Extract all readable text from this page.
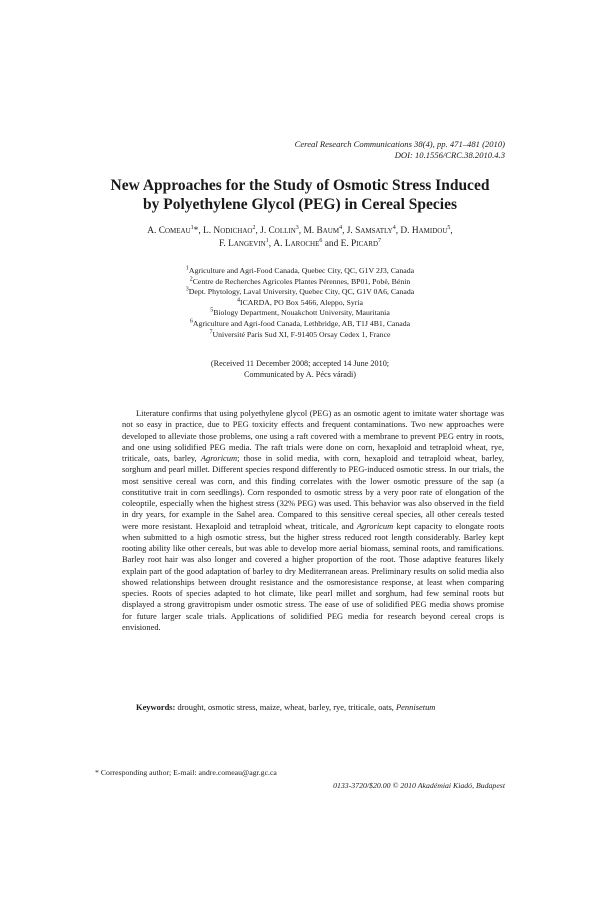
Cereal Research Communications 38(4), pp. 471–481 (2010)
DOI: 10.1556/CRC.38.2010.4.3
New Approaches for the Study of Osmotic Stress Induced
by Polyethylene Glycol (PEG) in Cereal Species
A. Comeau$^1$*, L. Nodichao$^2$, J. Collin$^3$, M. Baum$^4$, J. Samsatly$^4$, D. Hamidou$^5$,
F. Langevin$^1$, A. Laroche$^6$ and E. Picard$^7$
$^1$Agriculture and Agri-Food Canada, Quebec City, QC, G1V 2J3, Canada
$^2$Centre de Recherches Agricoles Plantes Pérennes, BP01, Pobè, Bénin
$^3$Dept. Phytology, Laval University, Quebec City, QC, G1V 0A6, Canada
$^4$ICARDA, PO Box 5466, Aleppo, Syria
$^5$Biology Department, Nouakchott University, Mauritania
$^6$Agriculture and Agri-food Canada, Lethbridge, AB, T1J 4B1, Canada
$^7$Université Paris Sud XI, F-91405 Orsay Cedex 1, France
(Received 11 December 2008; accepted 14 June 2010;
Communicated by A. Pécs váradi)

Literature confirms that using polyethylene glycol (PEG) as an osmotic agent to imitate water shortage was not so easy in practice, due to PEG toxicity effects and frequent contaminations. Two new approaches were developed to alleviate those problems, one using a raft covered with a membrane to prevent PEG entry in roots, and one using solidified PEG media. The raft trials were done on corn, hexaploid and tetraploid wheat, rye, triticale, oats, barley, Agroricum; those in solid media, with corn, hexaploid and tetraploid wheat, barley, sorghum and pearl millet. Different species respond differently to PEG-induced osmotic stress. In our trials, the most sensitive cereal was corn, and this finding correlates with the lower osmotic pressure of the sap (a constitutive trait in corn seedlings). Corn responded to osmotic stress by a very poor rate of elongation of the coleoptile, especially when the highest stress (32% PEG) was used. This behavior was also observed in the field in dry years, for example in the Sahel area. Compared to this sensitive cereal species, all other cereals tested were more resistant. Hexaploid and tetraploid wheat, triticale, and Agroricum kept capacity to elongate roots when submitted to a high osmotic stress, but the higher stress reduced root length considerably. Barley kept rooting ability like other cereals, but was able to develop more aerial biomass, seminal roots, and ramifications. Barley root hair was also longer and covered a higher proportion of the root. Those adaptive features likely explain part of the good adaptation of barley to dry Mediterranean areas. Preliminary results on solid media also showed relationships between drought resistance and the osmoresistance response, at least when comparing species. Roots of species adapted to hot climate, like pearl millet and sorghum, had few seminal roots but displayed a strong gravitropism under osmotic stress. The ease of use of solidified PEG media shows promise for future larger scale trials. Applications of solidified PEG media for research beyond cereal crops is envisioned.

Keywords: drought, osmotic stress, maize, wheat, barley, rye, triticale, oats, Pennisetum

* Corresponding author; E-mail: andre.comeau@agr.gc.ca
0133-3720/$20.00 © 2010 Akadémiai Kiadó, Budapest
